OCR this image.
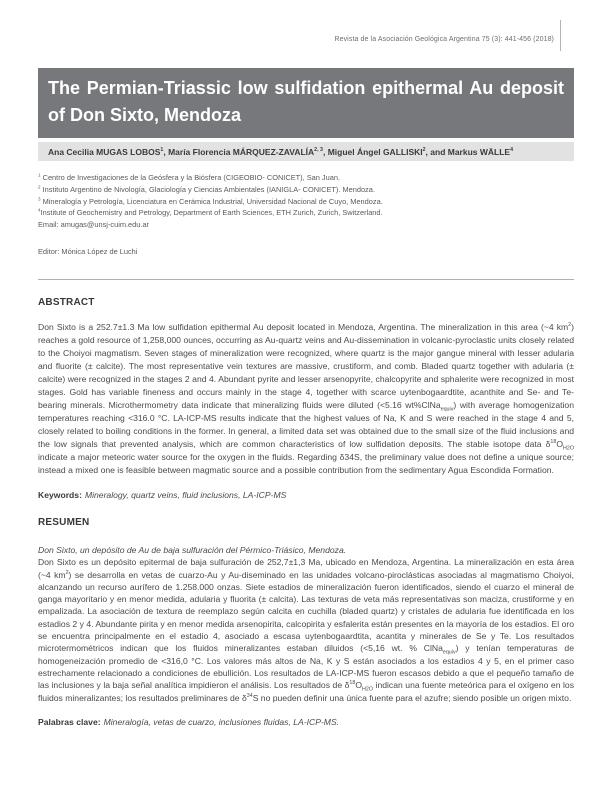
Revista de la Asociación Geológica Argentina 75 (3): 441-456 (2018)
The Permian-Triassic low sulfidation epithermal Au deposit of Don Sixto, Mendoza

Ana Cecilia MUGAS LOBOS$^1$, María Florencia MÁRQUEZ-ZAVALÍA$^{2, 3}$, Miguel Ángel GALLISKI$^2$, and Markus WÄLLE$^4$

$^1$ Centro de Investigaciones de la Geósfera y la Biósfera (CIGEOBIO- CONICET), San Juan.

$^2$ Instituto Argentino de Nivología, Glaciología y Ciencias Ambientales (IANIGLA- CONICET). Mendoza.

$^3$ Mineralogía y Petrología, Licenciatura en Cerámica Industrial, Universidad Nacional de Cuyo, Mendoza.

$^4$Institute of Geochemistry and Petrology, Department of Earth Sciences, ETH Zurich, Zurich, Switzerland.

Email: amugas@unsj-cuim.edu.ar

Editor: Mónica López de Luchi

ABSTRACT

Don Sixto is a 252.7±1.3 Ma low sulfidation epithermal Au deposit located in Mendoza, Argentina. The mineralization in this area (~4 $km^2$) reaches a gold resource of 1,258,000 ounces, occurring as Au-quartz veins and Au-dissemination in volcanic-pyroclastic units closely related to the Choiyoi magmatism. Seven stages of mineralization were recognized, where quartz is the major gangue mineral with lesser adularia and fluorite (± calcite). The most representative vein textures are massive, crustiform, and comb. Bladed quartz together with adularia (± calcite) were recognized in the stages 2 and 4. Abundant pyrite and lesser arsenopyrite, chalcopyrite and sphalerite were recognized in most stages. Gold has variable fineness and occurs mainly in the stage 4, together with scarce uytenbogaardtite, acanthite and Se- and Te-bearing minerals. Microthermometry data indicate that mineralizing fluids were diluted (<5.16 wt%ClNa$_{equiv}$) with average homogenization temperatures reaching <316.0 °C. LA-ICP-MS results indicate that the highest values of Na, K and S were reached in the stage 4 and 5, closely related to boiling conditions in the former. In general, a limited data set was obtained due to the small size of the fluid inclusions and the low signals that prevented analysis, which are common characteristics of low sulfidation deposits. The stable isotope data $\delta^{18}O_{H2O}$ indicate a major meteoric water source for the oxygen in the fluids. Regarding δ34S, the preliminary value does not define a unique source; instead a mixed one is feasible between magmatic source and a possible contribution from the sedimentary Agua Escondida Formation.

Keywords: Mineralogy, quartz veins, fluid inclusions, LA-ICP-MS

RESUMEN

Don Sixto, un depósito de Au de baja sulfuración del Pérmico-Triásico, Mendoza.

Don Sixto es un depósito epitermal de baja sulfuración de 252,7±1,3 Ma, ubicado en Mendoza, Argentina. La mineralización en esta área (~4 $km^2$) se desarrolla en vetas de cuarzo-Au y Au-diseminado en las unidades volcano-piroclásticas asociadas al magmatismo Choiyoi, alcanzando un recurso aurífero de 1.258.000 onzas. Siete estadios de mineralización fueron identificados, siendo el cuarzo el mineral de ganga mayoritario y en menor medida, adularia y fluorita (± calcita). Las texturas de veta más representativas son maciza, crustiforme y en empalizada. La asociación de textura de reemplazo según calcita en cuchilla (bladed quartz) y cristales de adularia fue identificada en los estadios 2 y 4. Abundante pirita y en menor medida arsenopirita, calcopirita y esfalerita están presentes en la mayoría de los estadios. El oro se encuentra principalmente en el estadio 4, asociado a escasa uytenbogaardtita, acantita y minerales de Se y Te. Los resultados microtermométricos indican que los fluidos mineralizantes estaban diluidos (<5,16 wt. % ClNa$_{equiv}$) y tenían temperaturas de homogeneización promedio de <316,0 °C. Los valores más altos de Na, K y S están asociados a los estadios 4 y 5, en el primer caso estrechamente relacionado a condiciones de ebullición. Los resultados de LA-ICP-MS fueron escasos debido a que el pequeño tamaño de las inclusiones y la baja señal analítica impidieron el análisis. Los resultados de $\delta^{18}O_{H2O}$ indican una fuente meteórica para el oxígeno en los fluidos mineralizantes; los resultados preliminares de $\delta^{34}S$ no pueden definir una única fuente para el azufre; siendo posible un origen mixto.

Palabras clave: Mineralogía, vetas de cuarzo, inclusiones fluidas, LA-ICP-MS.
